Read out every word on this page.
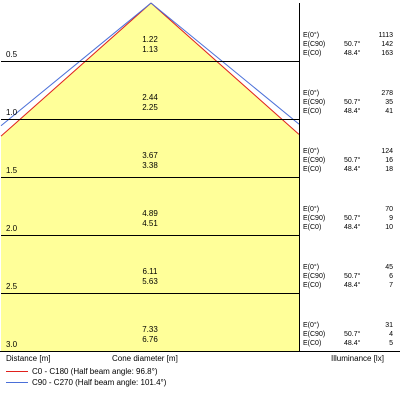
0.5
1.22
1.13
E(0°)	1113
E(C90)	50.7°	142
E(C0)	48.4°	163
1.0
2.44
2.25
E(0°)	278
E(C90)	50.7°	35
E(C0)	48.4°	41
1.5
3.67
3.38
E(0°)	124
E(C90)	50.7°	16
E(C0)	48.4°	18
2.0
4.89
4.51
E(0°)	70
E(C90)	50.7°	9
E(C0)	48.4°	10
2.5
6.11
5.63
E(0°)	45
E(C90)	50.7°	6
E(C0)	48.4°	7
3.0
7.33
6.76
E(0°)	31
E(C90)	50.7°	4
E(C0)	48.4°	5
Distance [m]	Cone diameter [m]	Illuminance [lx]
C0 - C180 (Half beam angle: 96.8°)
C90 - C270 (Half beam angle: 101.4°)
